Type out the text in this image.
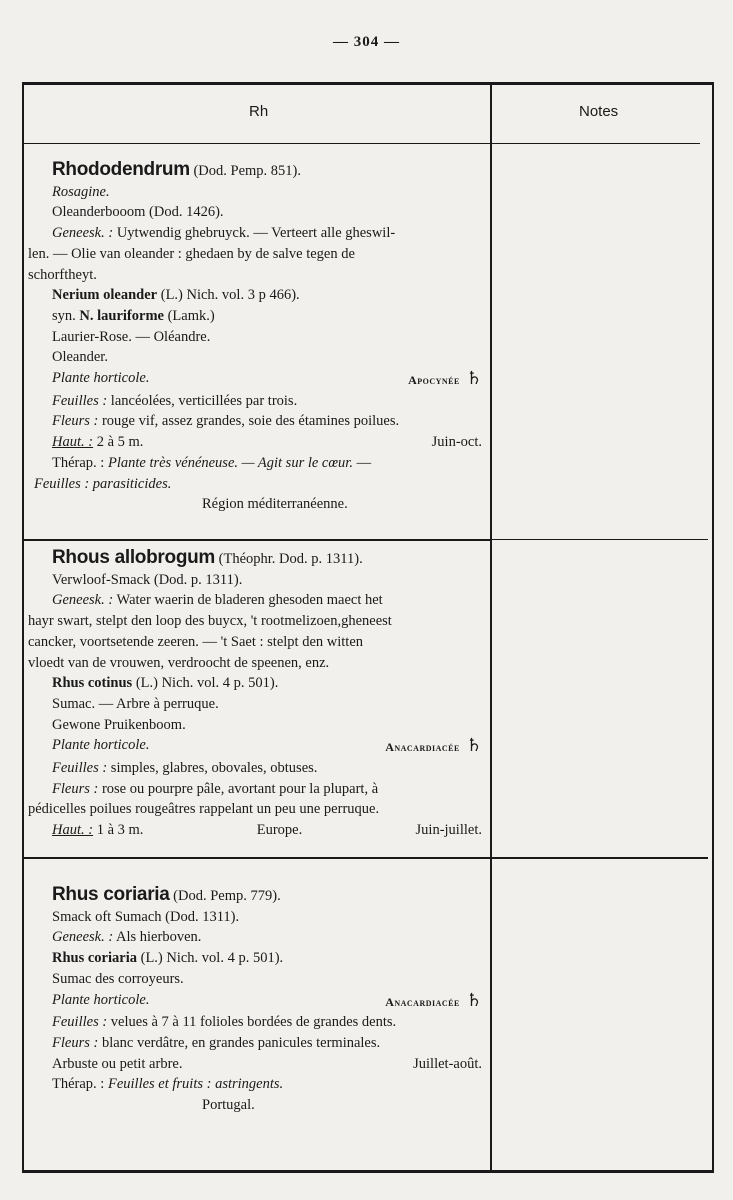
— 304 —
Rh	Notes
Rhododendrum (Dod. Pemp. 851).
Rosagine.
Oleanderbooom (Dod. 1426).
Geneesk. : Uytwendig ghebruyck. — Verteert alle gheswil-
len. — Olie van oleander : ghedaen by de salve tegen de
schorftheyt.
Nerium oleander (L.) Nich. vol. 3 p 466).
syn. N. lauriforme (Lamk.)
Laurier-Rose. — Oléandre.
Oleander.
Plante horticole.	Apocynée ♄
Feuilles : lancéolées, verticillées par trois.
Fleurs : rouge vif, assez grandes, soie des étamines poilues.
Haut. : 2 à 5 m.	Juin-oct.
Thérap. : Plante très vénéneuse. — Agit sur le cœur. —
Feuilles : parasiticides.
Région méditerranéenne.
Rhous allobrogum (Théophr. Dod. p. 1311).
Verwloof-Smack (Dod. p. 1311).
Geneesk. : Water waerin de bladeren ghesoden maect het
hayr swart, stelpt den loop des buycx, 't rootmelizoen,gheneest
cancker, voortsetende zeeren. — 't Saet : stelpt den witten
vloedt van de vrouwen, verdroocht de speenen, enz.
Rhus cotinus (L.) Nich. vol. 4 p. 501).
Sumac. — Arbre à perruque.
Gewone Pruikenboom.
Plante horticole.	Anacardiacée ♄
Feuilles : simples, glabres, obovales, obtuses.
Fleurs : rose ou pourpre pâle, avortant pour la plupart, à
pédicelles poilues rougeâtres rappelant un peu une perruque.
Haut. : 1 à 3 m.	Europe.	Juin-juillet.
Rhus coriaria (Dod. Pemp. 779).
Smack oft Sumach (Dod. 1311).
Geneesk. : Als hierboven.
Rhus coriaria (L.) Nich. vol. 4 p. 501).
Sumac des corroyeurs.
Plante horticole.	Anacardiacée ♄
Feuilles : velues à 7 à 11 folioles bordées de grandes dents.
Fleurs : blanc verdâtre, en grandes panicules terminales.
Arbuste ou petit arbre.	Juillet-août.
Thérap. : Feuilles et fruits : astringents.
Portugal.
